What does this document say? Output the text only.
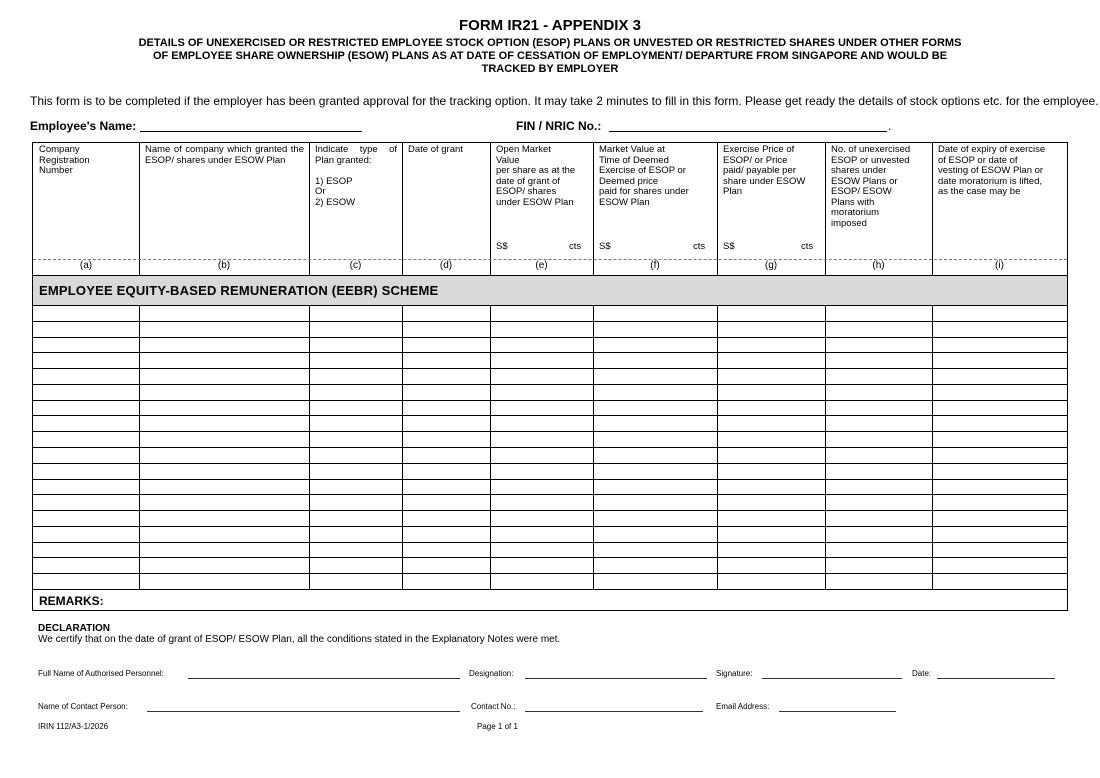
FORM IR21 - APPENDIX 3
DETAILS OF UNEXERCISED OR RESTRICTED EMPLOYEE STOCK OPTION (ESOP) PLANS OR UNVESTED OR RESTRICTED SHARES UNDER OTHER FORMS
OF EMPLOYEE SHARE OWNERSHIP (ESOW) PLANS AS AT DATE OF CESSATION OF EMPLOYMENT/ DEPARTURE FROM SINGAPORE AND WOULD BE
TRACKED BY EMPLOYER
This form is to be completed if the employer has been granted approval for the tracking option. It may take 2 minutes to fill in this form. Please get ready the details of stock options etc. for the employee.
Employee's Name:	FIN / NRIC No.:	.
EMPLOYEE EQUITY-BASED REMUNERATION (EEBR) SCHEME
Company
Registration
Number
(a)
Name of company which granted the ESOP/ shares under ESOW Plan
(b)
Indicate type of Plan granted:

1) ESOP
Or
2) ESOW
(c)
Date of grant
(d)
Open Market
Value
per share as at the
date of grant of
ESOP/ shares
under ESOW Plan
S$	cts
(e)
Market Value at
Time of Deemed
Exercise of ESOP or
Deemed price
paid for shares under
ESOW Plan
S$	cts
(f)
Exercise Price of
ESOP/ or Price
paid/ payable per
share under ESOW
Plan
S$	cts
(g)
No. of unexercised
ESOP or unvested
shares under
ESOW Plans or
ESOP/ ESOW
Plans with
moratorium
imposed
(h)
Date of expiry of exercise
of ESOP or date of
vesting of ESOW Plan or
date moratorium is lifted,
as the case may be
(i)
REMARKS:
DECLARATION
We certify that on the date of grant of ESOP/ ESOW Plan, all the conditions stated in the Explanatory Notes were met.
Full Name of Authorised Personnel:	Designation:	Signature:	Date:
Name of Contact Person:	Contact No.:	Email Address:
IRIN 112/A3-1/2026	Page 1 of 1
